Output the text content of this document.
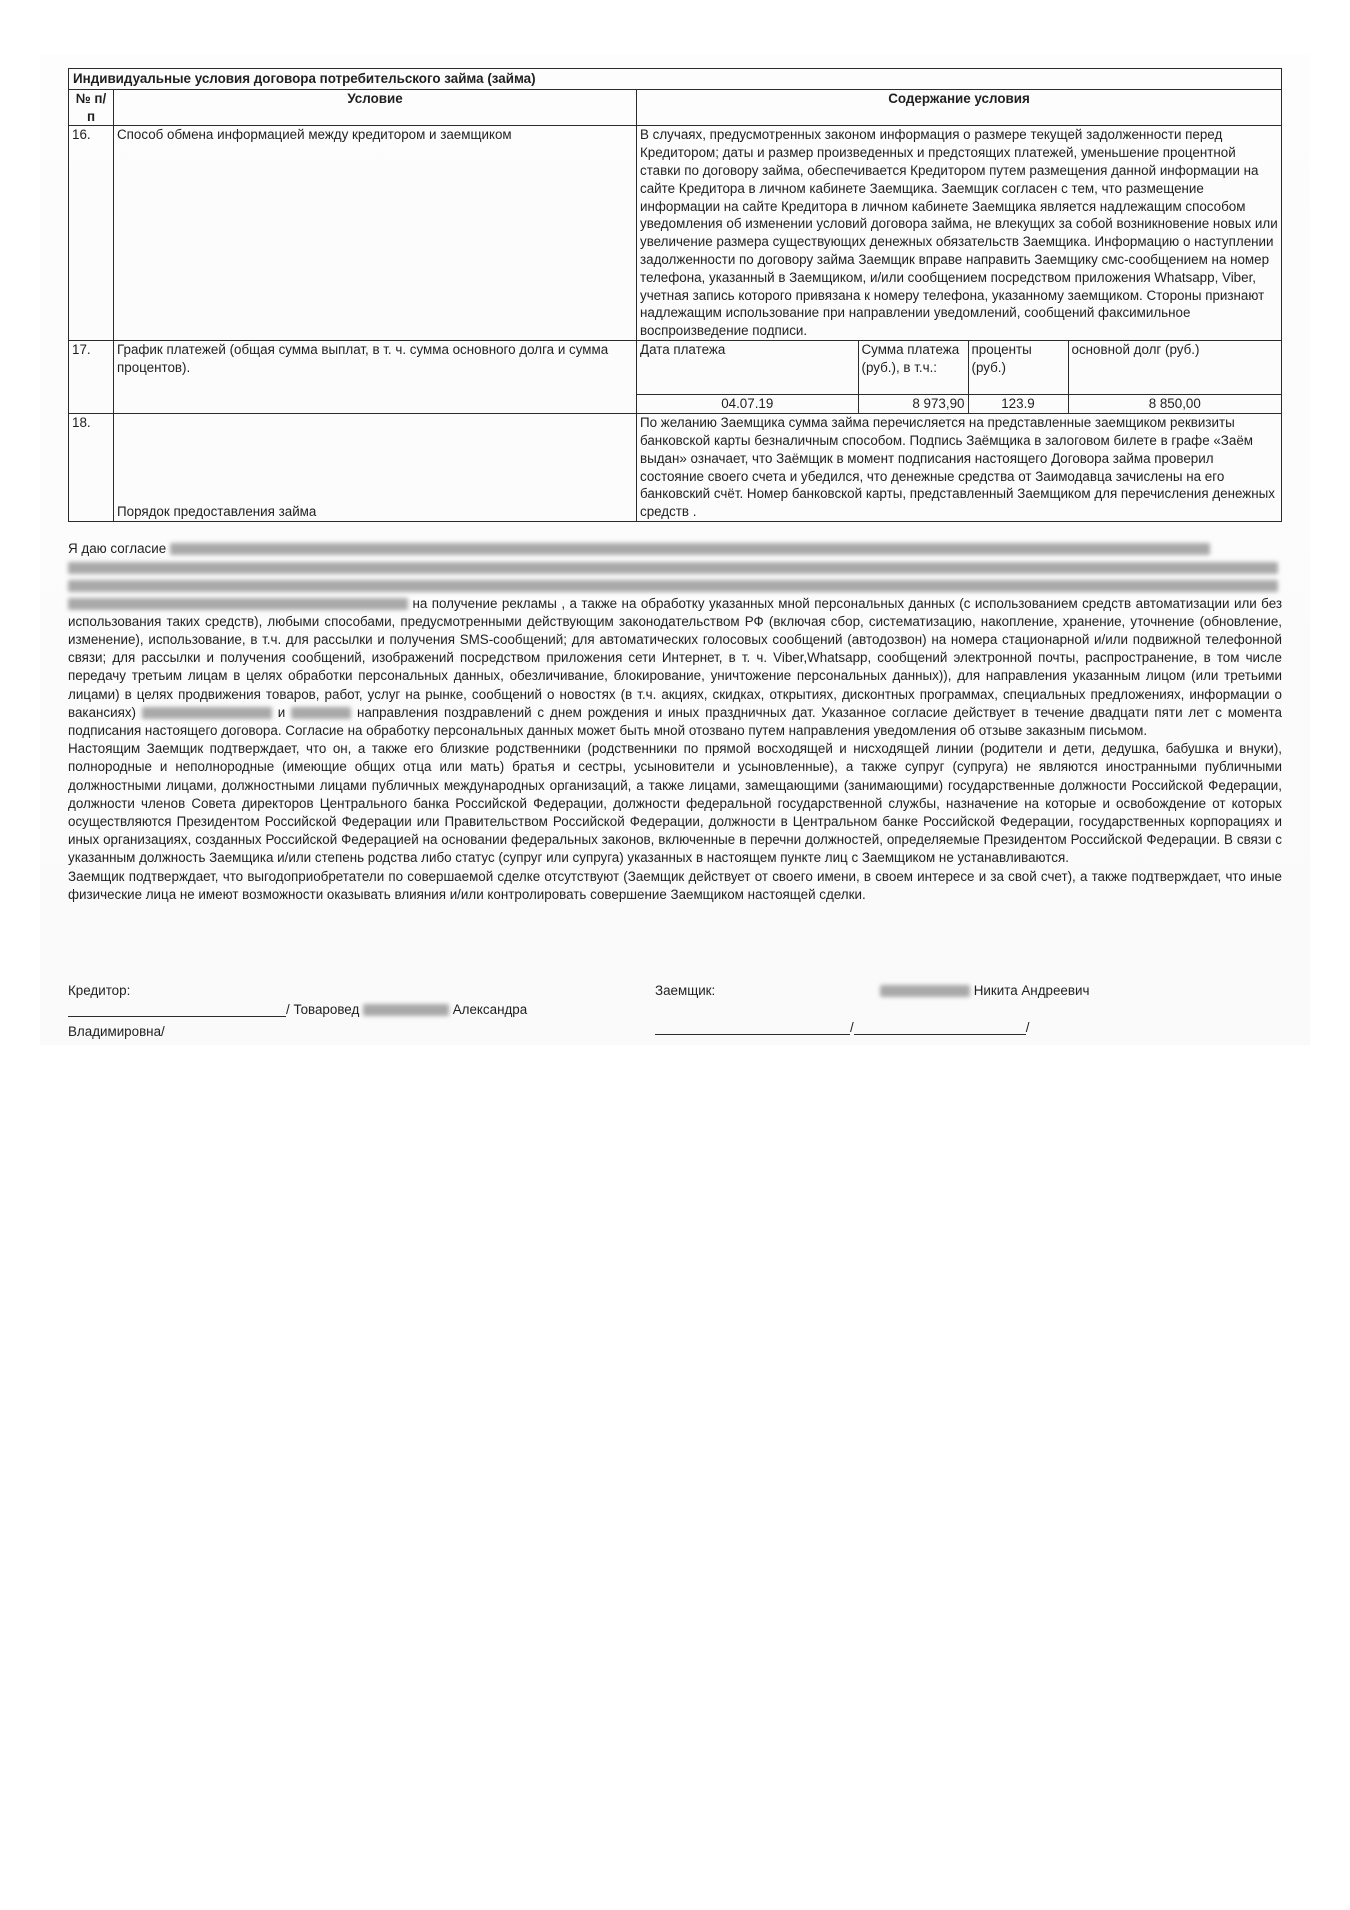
Индивидуальные условия договора потребительского займа (займа)
№ п/п	Условие	Содержание условия
16.	Способ обмена информацией между кредитором и заемщиком	В случаях, предусмотренных законом информация о размере текущей задолженности перед Кредитором; даты и размер произведенных и предстоящих платежей, уменьшение процентной ставки по договору займа, обеспечивается Кредитором путем размещения данной информации на сайте Кредитора в личном кабинете Заемщика. Заемщик согласен с тем, что размещение информации на сайте Кредитора в личном кабинете Заемщика является надлежащим способом уведомления об изменении условий договора займа, не влекущих за собой возникновение новых или увеличение размера существующих денежных обязательств Заемщика. Информацию о наступлении задолженности по договору займа Заемщик вправе направить Заемщику смс-сообщением на номер телефона, указанный в Заемщиком, и/или сообщением посредством приложения Whatsapp, Viber, учетная запись которого привязана к номеру телефона, указанному заемщиком. Стороны признают надлежащим использование при направлении уведомлений, сообщений факсимильное воспроизведение подписи.
17.	График платежей (общая сумма выплат, в т. ч. сумма основного долга и сумма процентов).	
Дата платежа	Сумма платежа (руб.), в т.ч.:	проценты (руб.)	основной долг (руб.)
04.07.19	8 973,90	123.9	8 850,00

18.	Порядок предоставления займа	По желанию Заемщика сумма займа перечисляется на представленные заемщиком реквизиты банковской карты безналичным способом. Подпись Заёмщика в залоговом билете в графе «Заём выдан» означает, что Заёмщик в момент подписания настоящего Договора займа проверил состояние своего счета и убедился, что денежные средства от Заимодавца зачислены на его банковский счёт. Номер банковской карты, представленный Заемщиком для перечисления денежных средств .

Я даю согласие
на получение рекламы , а также на обработку указанных мной персональных данных (с использованием средств автоматизации или без использования таких средств), любыми способами, предусмотренными действующим законодательством РФ (включая сбор, систематизацию, накопление, хранение, уточнение (обновление, изменение), использование, в т.ч. для рассылки и получения SMS-сообщений; для автоматических голосовых сообщений (автодозвон) на номера стационарной и/или подвижной телефонной связи; для рассылки и получения сообщений, изображений посредством приложения сети Интернет, в т. ч. Viber,Whatsapp, сообщений электронной почты, распространение, в том числе передачу третьим лицам в целях обработки персональных данных, обезличивание, блокирование, уничтожение персональных данных)), для направления указанным лицом (или третьими лицами) в целях продвижения товаров, работ, услуг на рынке, сообщений о новостях (в т.ч. акциях, скидках, открытиях, дисконтных программах, специальных предложениях, информации о вакансиях)	и	направления поздравлений с днем рождения и иных праздничных дат. Указанное согласие действует в течение двадцати пяти лет с момента подписания настоящего договора. Согласие на обработку персональных данных может быть мной отозвано путем направления уведомления об отзыве заказным письмом.

Настоящим Заемщик подтверждает, что он, а также его близкие родственники (родственники по прямой восходящей и нисходящей линии (родители и дети, дедушка, бабушка и внуки), полнородные и неполнородные (имеющие общих отца или мать) братья и сестры, усыновители и усыновленные), а также супруг (супруга) не являются иностранными публичными должностными лицами, должностными лицами публичных международных организаций, а также лицами, замещающими (занимающими) государственные должности Российской Федерации, должности членов Совета директоров Центрального банка Российской Федерации, должности федеральной государственной службы, назначение на которые и освобождение от которых осуществляются Президентом Российской Федерации или Правительством Российской Федерации, должности в Центральном банке Российской Федерации, государственных корпорациях и иных организациях, созданных Российской Федерацией на основании федеральных законов, включенные в перечни должностей, определяемые Президентом Российской Федерации. В связи с указанным должность Заемщика и/или степень родства либо статус (супруг или супруга) указанных в настоящем пункте лиц с Заемщиком не устанавливаются.

Заемщик подтверждает, что выгодоприобретатели по совершаемой сделке отсутствуют (Заемщик действует от своего имени, в своем интересе и за свой счет), а также подтверждает, что иные физические лица не имеют возможности оказывать влияния и/или контролировать совершение Заемщиком настоящей сделки.

Кредитор:
/ Товаровед	Александра
Владимировна/
Заемщик:	Никита Андреевич
/	/
